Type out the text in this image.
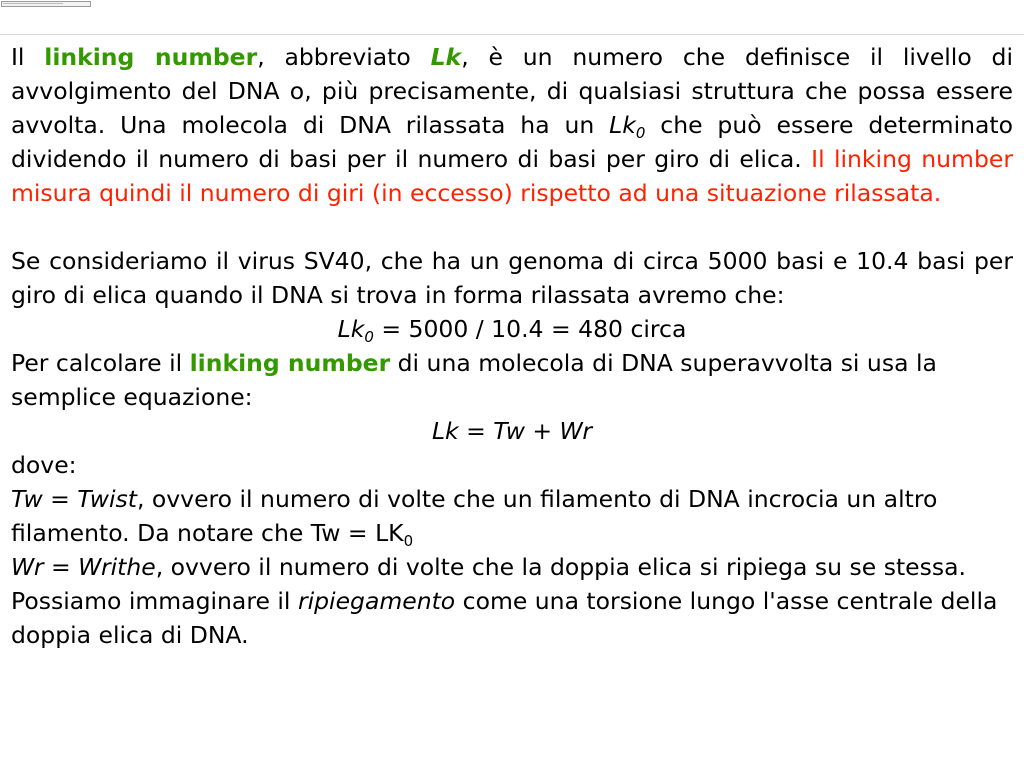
Il linking number, abbreviato Lk, è un numero che definisce il livello di avvolgimento del DNA o, più precisamente, di qualsiasi struttura che possa essere avvolta. Una molecola di DNA rilassata ha un $Lk_0$ che può essere determinato dividendo il numero di basi per il numero di basi per giro di elica. Il linking number misura quindi il numero di giri (in eccesso) rispetto ad una situazione rilassata.

Se consideriamo il virus SV40, che ha un genoma di circa 5000 basi e 10.4 basi per giro di elica quando il DNA si trova in forma rilassata avremo che:

$Lk_0 = 5000 / 10.4 = 480$ circa

Per calcolare il linking number di una molecola di DNA superavvolta si usa la semplice equazione:

Lk = Tw + Wr

dove:

Tw = Twist, ovvero il numero di volte che un filamento di DNA incrocia un altro filamento. Da notare che $Tw = LK_0$

Wr = Writhe, ovvero il numero di volte che la doppia elica si ripiega su se stessa.

Possiamo immaginare il ripiegamento come una torsione lungo l'asse centrale della doppia elica di DNA.
